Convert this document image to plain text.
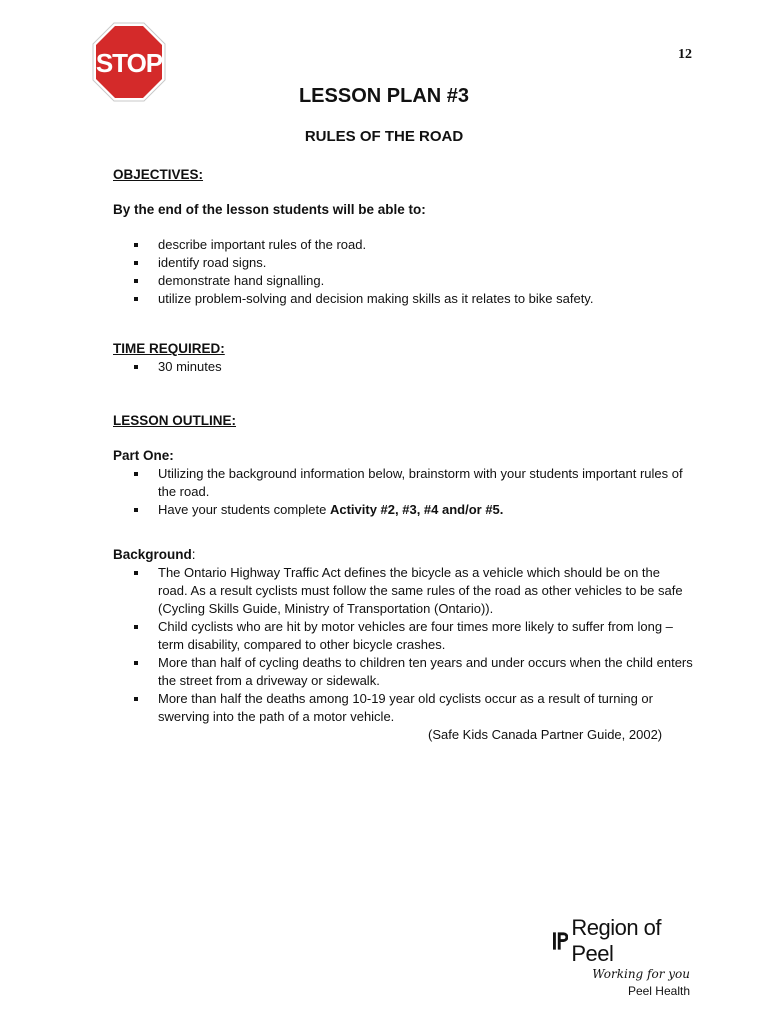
STOP	12
LESSON PLAN #3
RULES OF THE ROAD

OBJECTIVES:

By the end of the lesson students will be able to:

describe important rules of the road.
identify road signs.
demonstrate hand signalling.
utilize problem-solving and decision making skills as it relates to bike safety.

TIME REQUIRED:

30 minutes

LESSON OUTLINE:

Part One:

Utilizing the background information below, brainstorm with your students important rules of the road.
Have your students complete Activity #2, #3, #4 and/or #5.

Background:

The Ontario Highway Traffic Act defines the bicycle as a vehicle which should be on the road. As a result cyclists must follow the same rules of the road as other vehicles to be safe (Cycling Skills Guide, Ministry of Transportation (Ontario)).
Child cyclists who are hit by motor vehicles are four times more likely to suffer from long –term disability, compared to other bicycle crashes.
More than half of cycling deaths to children ten years and under occurs when the child enters the street from a driveway or sidewalk.
More than half the deaths among 10-19 year old cyclists occur as a result of turning or swerving into the path of a motor vehicle.

(Safe Kids Canada Partner Guide, 2002)

Region of Peel
Working for you
Peel Health
